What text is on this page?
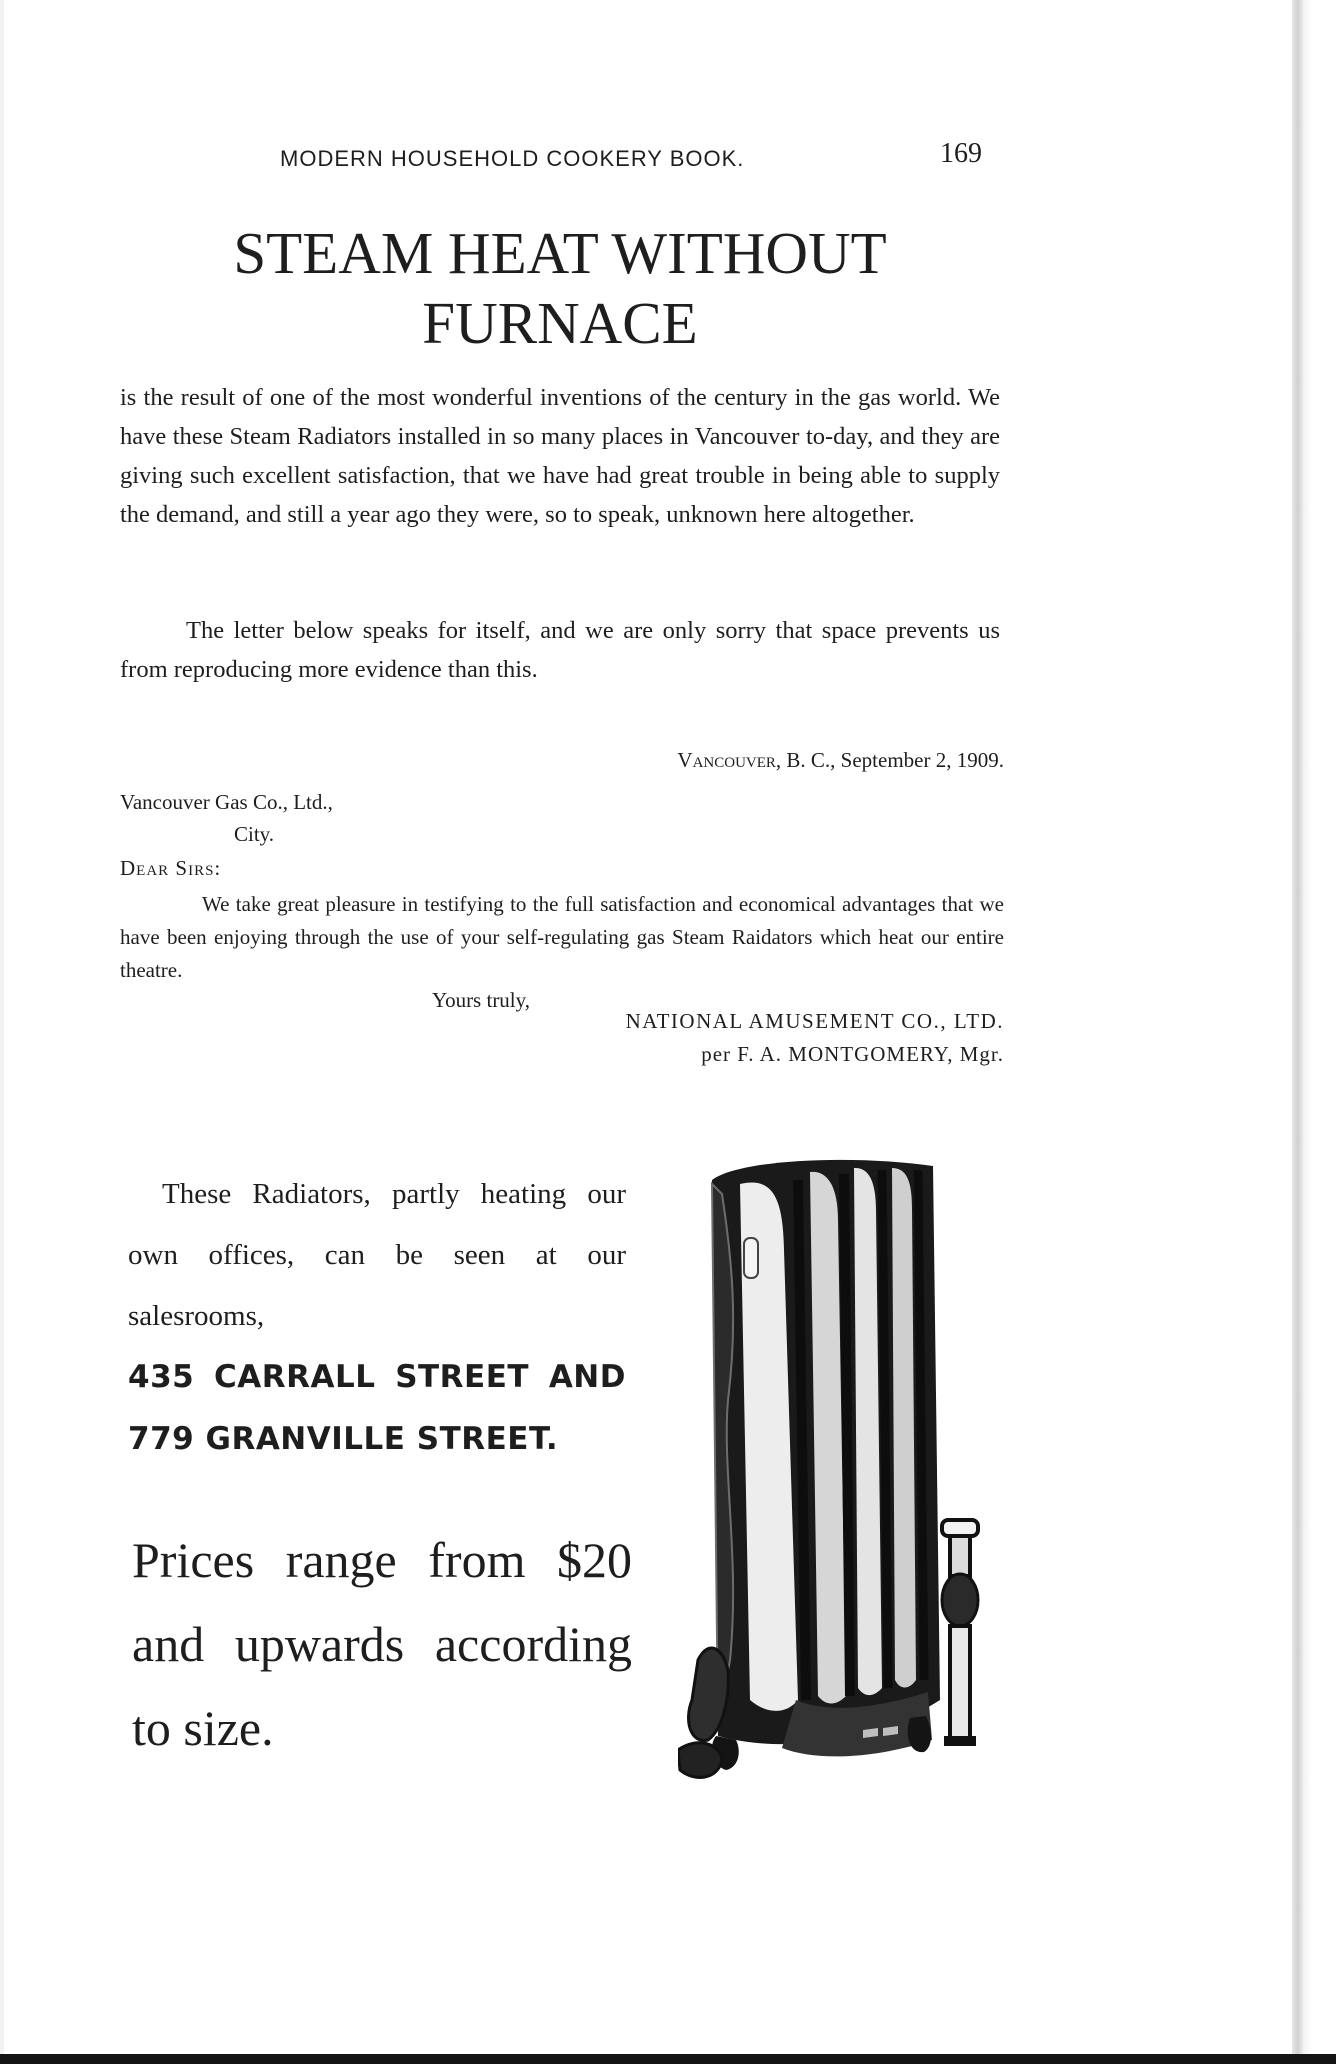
MODERN HOUSEHOLD COOKERY BOOK.	169
STEAM HEAT WITHOUT
FURNACE

is the result of one of the most wonderful inventions of the century in the gas world. We have these Steam Radiators installed in so many places in Vancouver to-day, and they are giving such excellent satisfaction, that we have had great trouble in being able to supply the demand, and still a year ago they were, so to speak, unknown here altogether.

The letter below speaks for itself, and we are only sorry that space prevents us from reproducing more evidence than this.

Vancouver, B. C., September 2, 1909.
Vancouver Gas Co., Ltd.,
City.
Dear Sirs:

We take great pleasure in testifying to the full satisfaction and economical advantages that we have been enjoying through the use of your self-regulating gas Steam Raidators which heat our entire theatre.

Yours truly,
NATIONAL AMUSEMENT CO., LTD.
per F. A. MONTGOMERY, Mgr.

These Radiators, partly heating our own offices, can be seen at our salesrooms,
435 CARRALL STREET AND 779 GRANVILLE STREET.

Prices range from $20 and upwards according to size.
